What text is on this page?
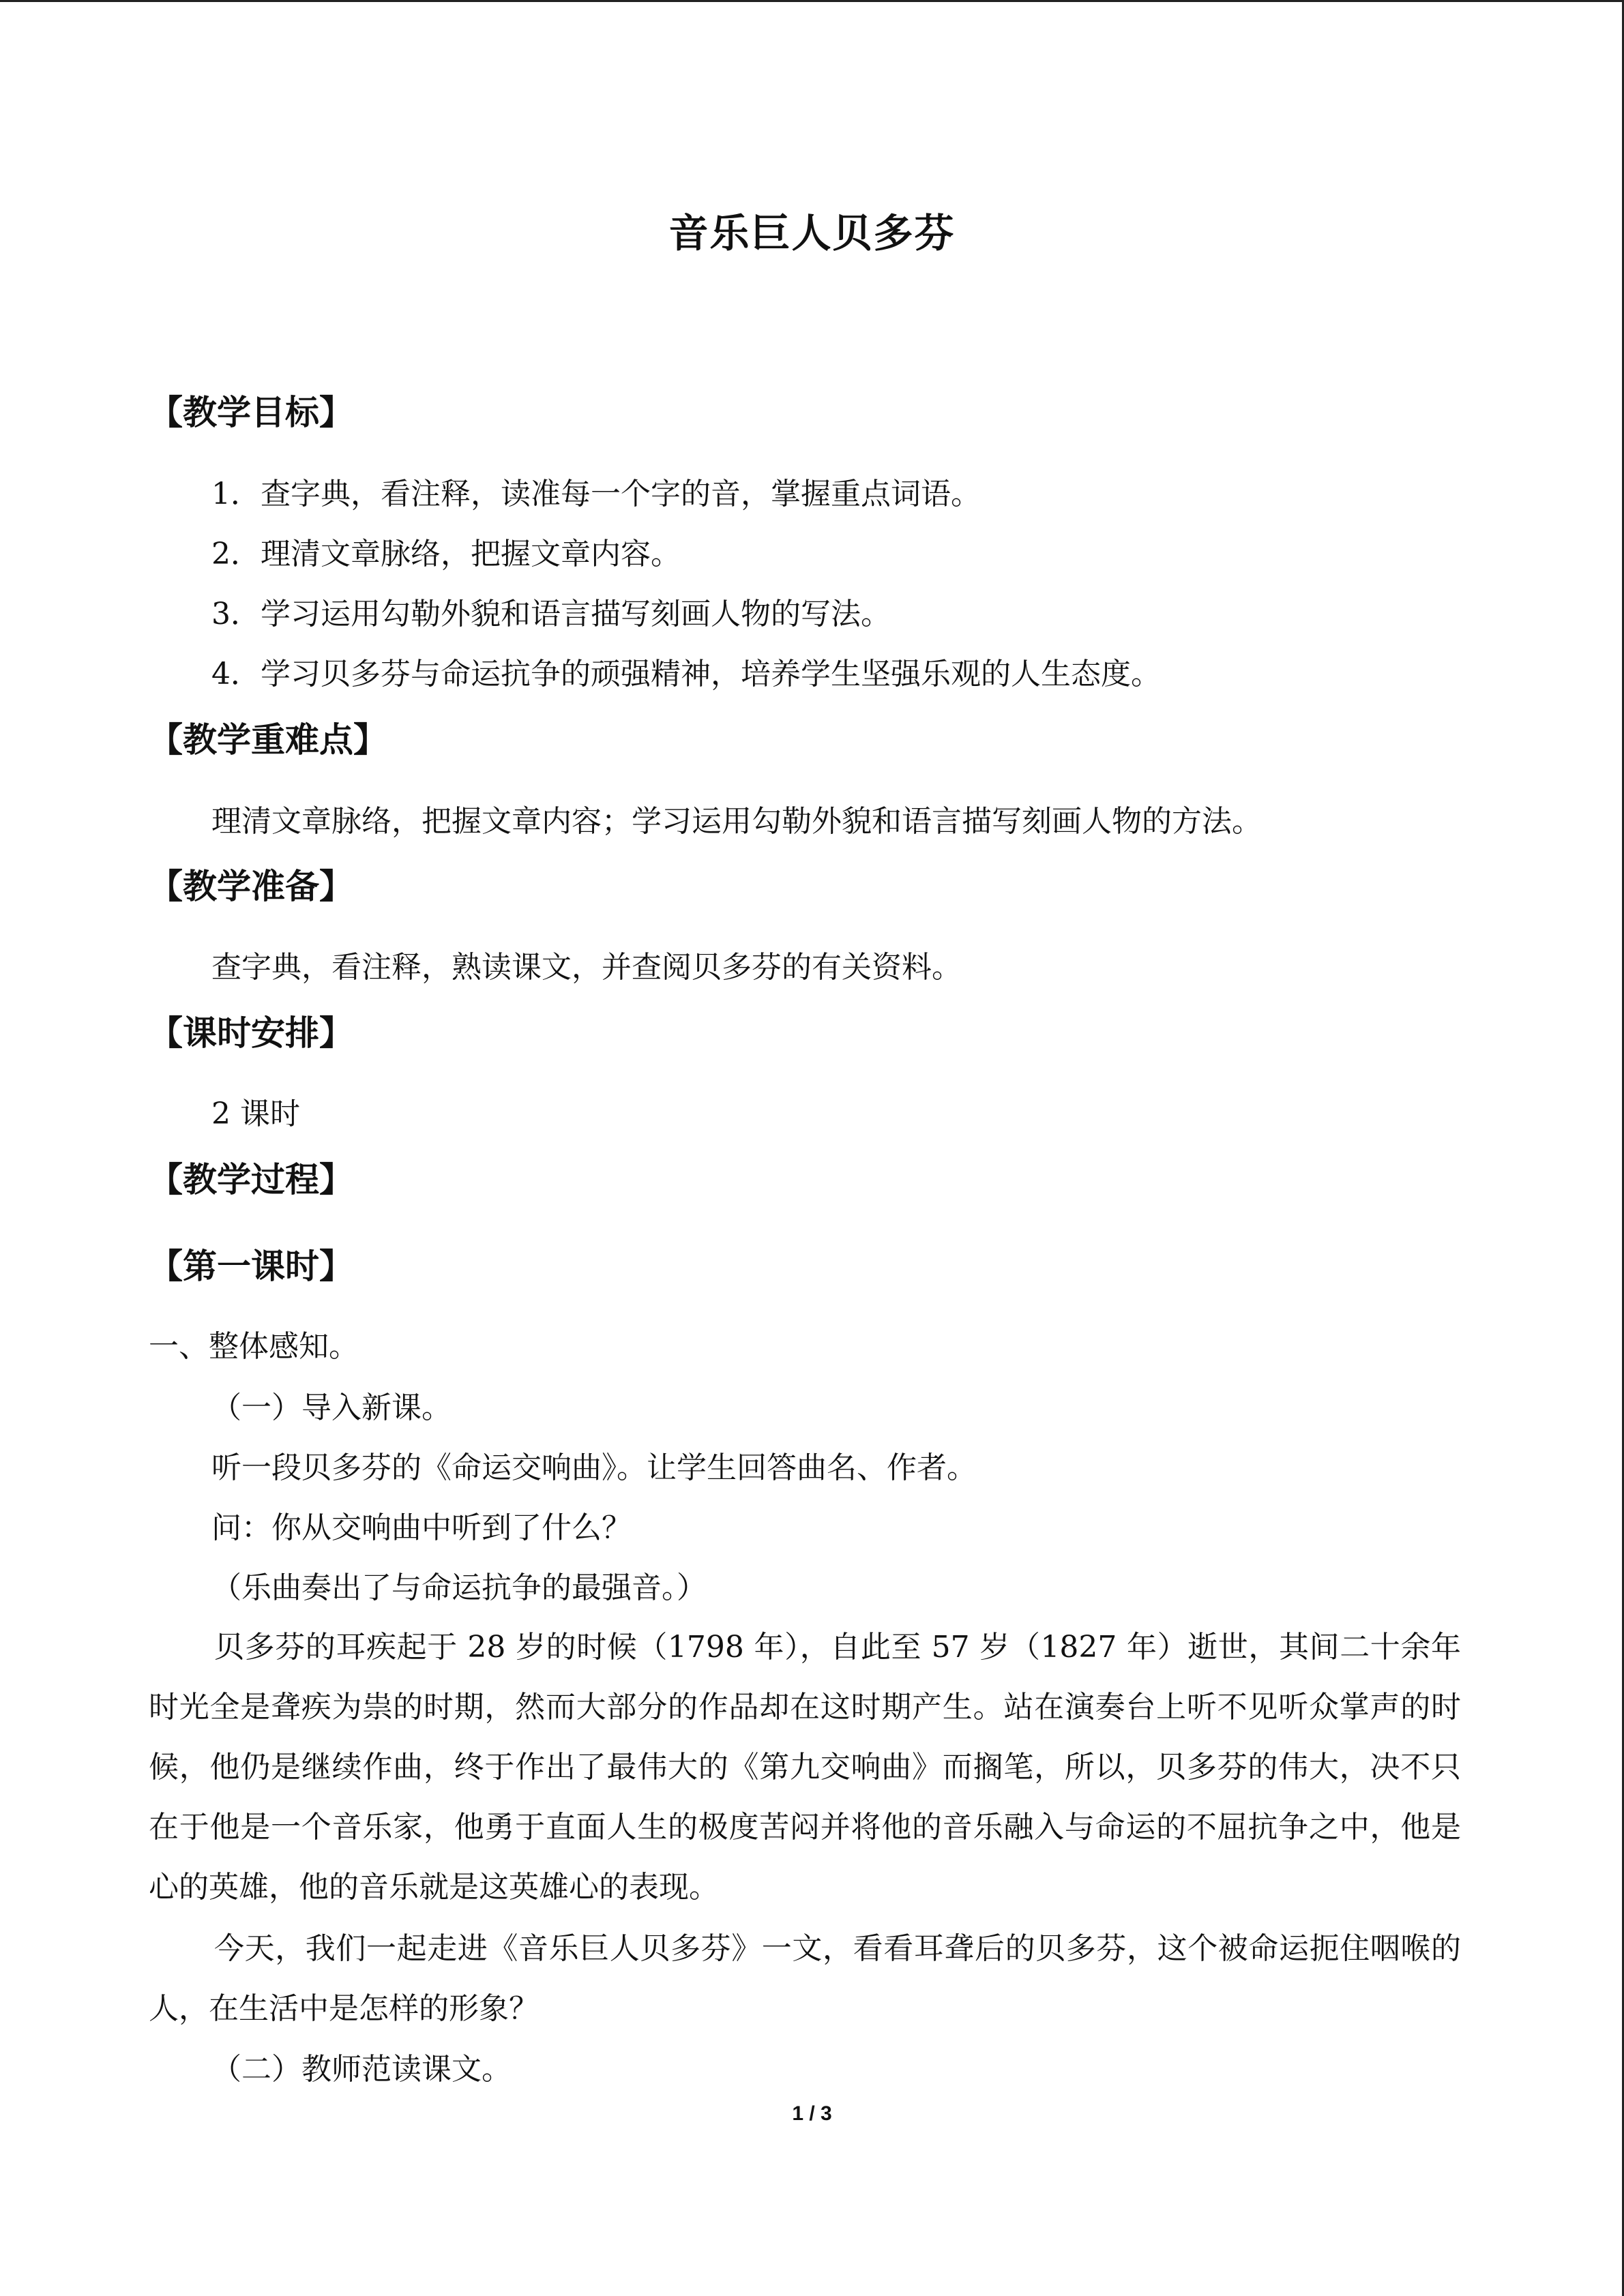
音乐巨人贝多芬
【教学目标】
1．查字典，看注释，读准每一个字的音，掌握重点词语。
2．理清文章脉络，把握文章内容。
3．学习运用勾勒外貌和语言描写刻画人物的写法。
4．学习贝多芬与命运抗争的顽强精神，培养学生坚强乐观的人生态度。
【教学重难点】
理清文章脉络，把握文章内容；学习运用勾勒外貌和语言描写刻画人物的方法。
【教学准备】
查字典，看注释，熟读课文，并查阅贝多芬的有关资料。
【课时安排】
2 课时
【教学过程】
【第一课时】
一、整体感知。
（一）导入新课。
听一段贝多芬的《命运交响曲》。让学生回答曲名、作者。
问：你从交响曲中听到了什么？
（乐曲奏出了与命运抗争的最强音。）
贝多芬的耳疾起于 28 岁的时候（1798 年），自此至 57 岁（1827 年）逝世，其间二十余年时光全是聋疾为祟的时期，然而大部分的作品却在这时期产生。站在演奏台上听不见听众掌声的时候，他仍是继续作曲，终于作出了最伟大的《第九交响曲》而搁笔，所以，贝多芬的伟大，决不只在于他是一个音乐家，他勇于直面人生的极度苦闷并将他的音乐融入与命运的不屈抗争之中，他是心的英雄，他的音乐就是这英雄心的表现。
今天，我们一起走进《音乐巨人贝多芬》一文，看看耳聋后的贝多芬，这个被命运扼住咽喉的人，在生活中是怎样的形象？
（二）教师范读课文。
1 / 3
